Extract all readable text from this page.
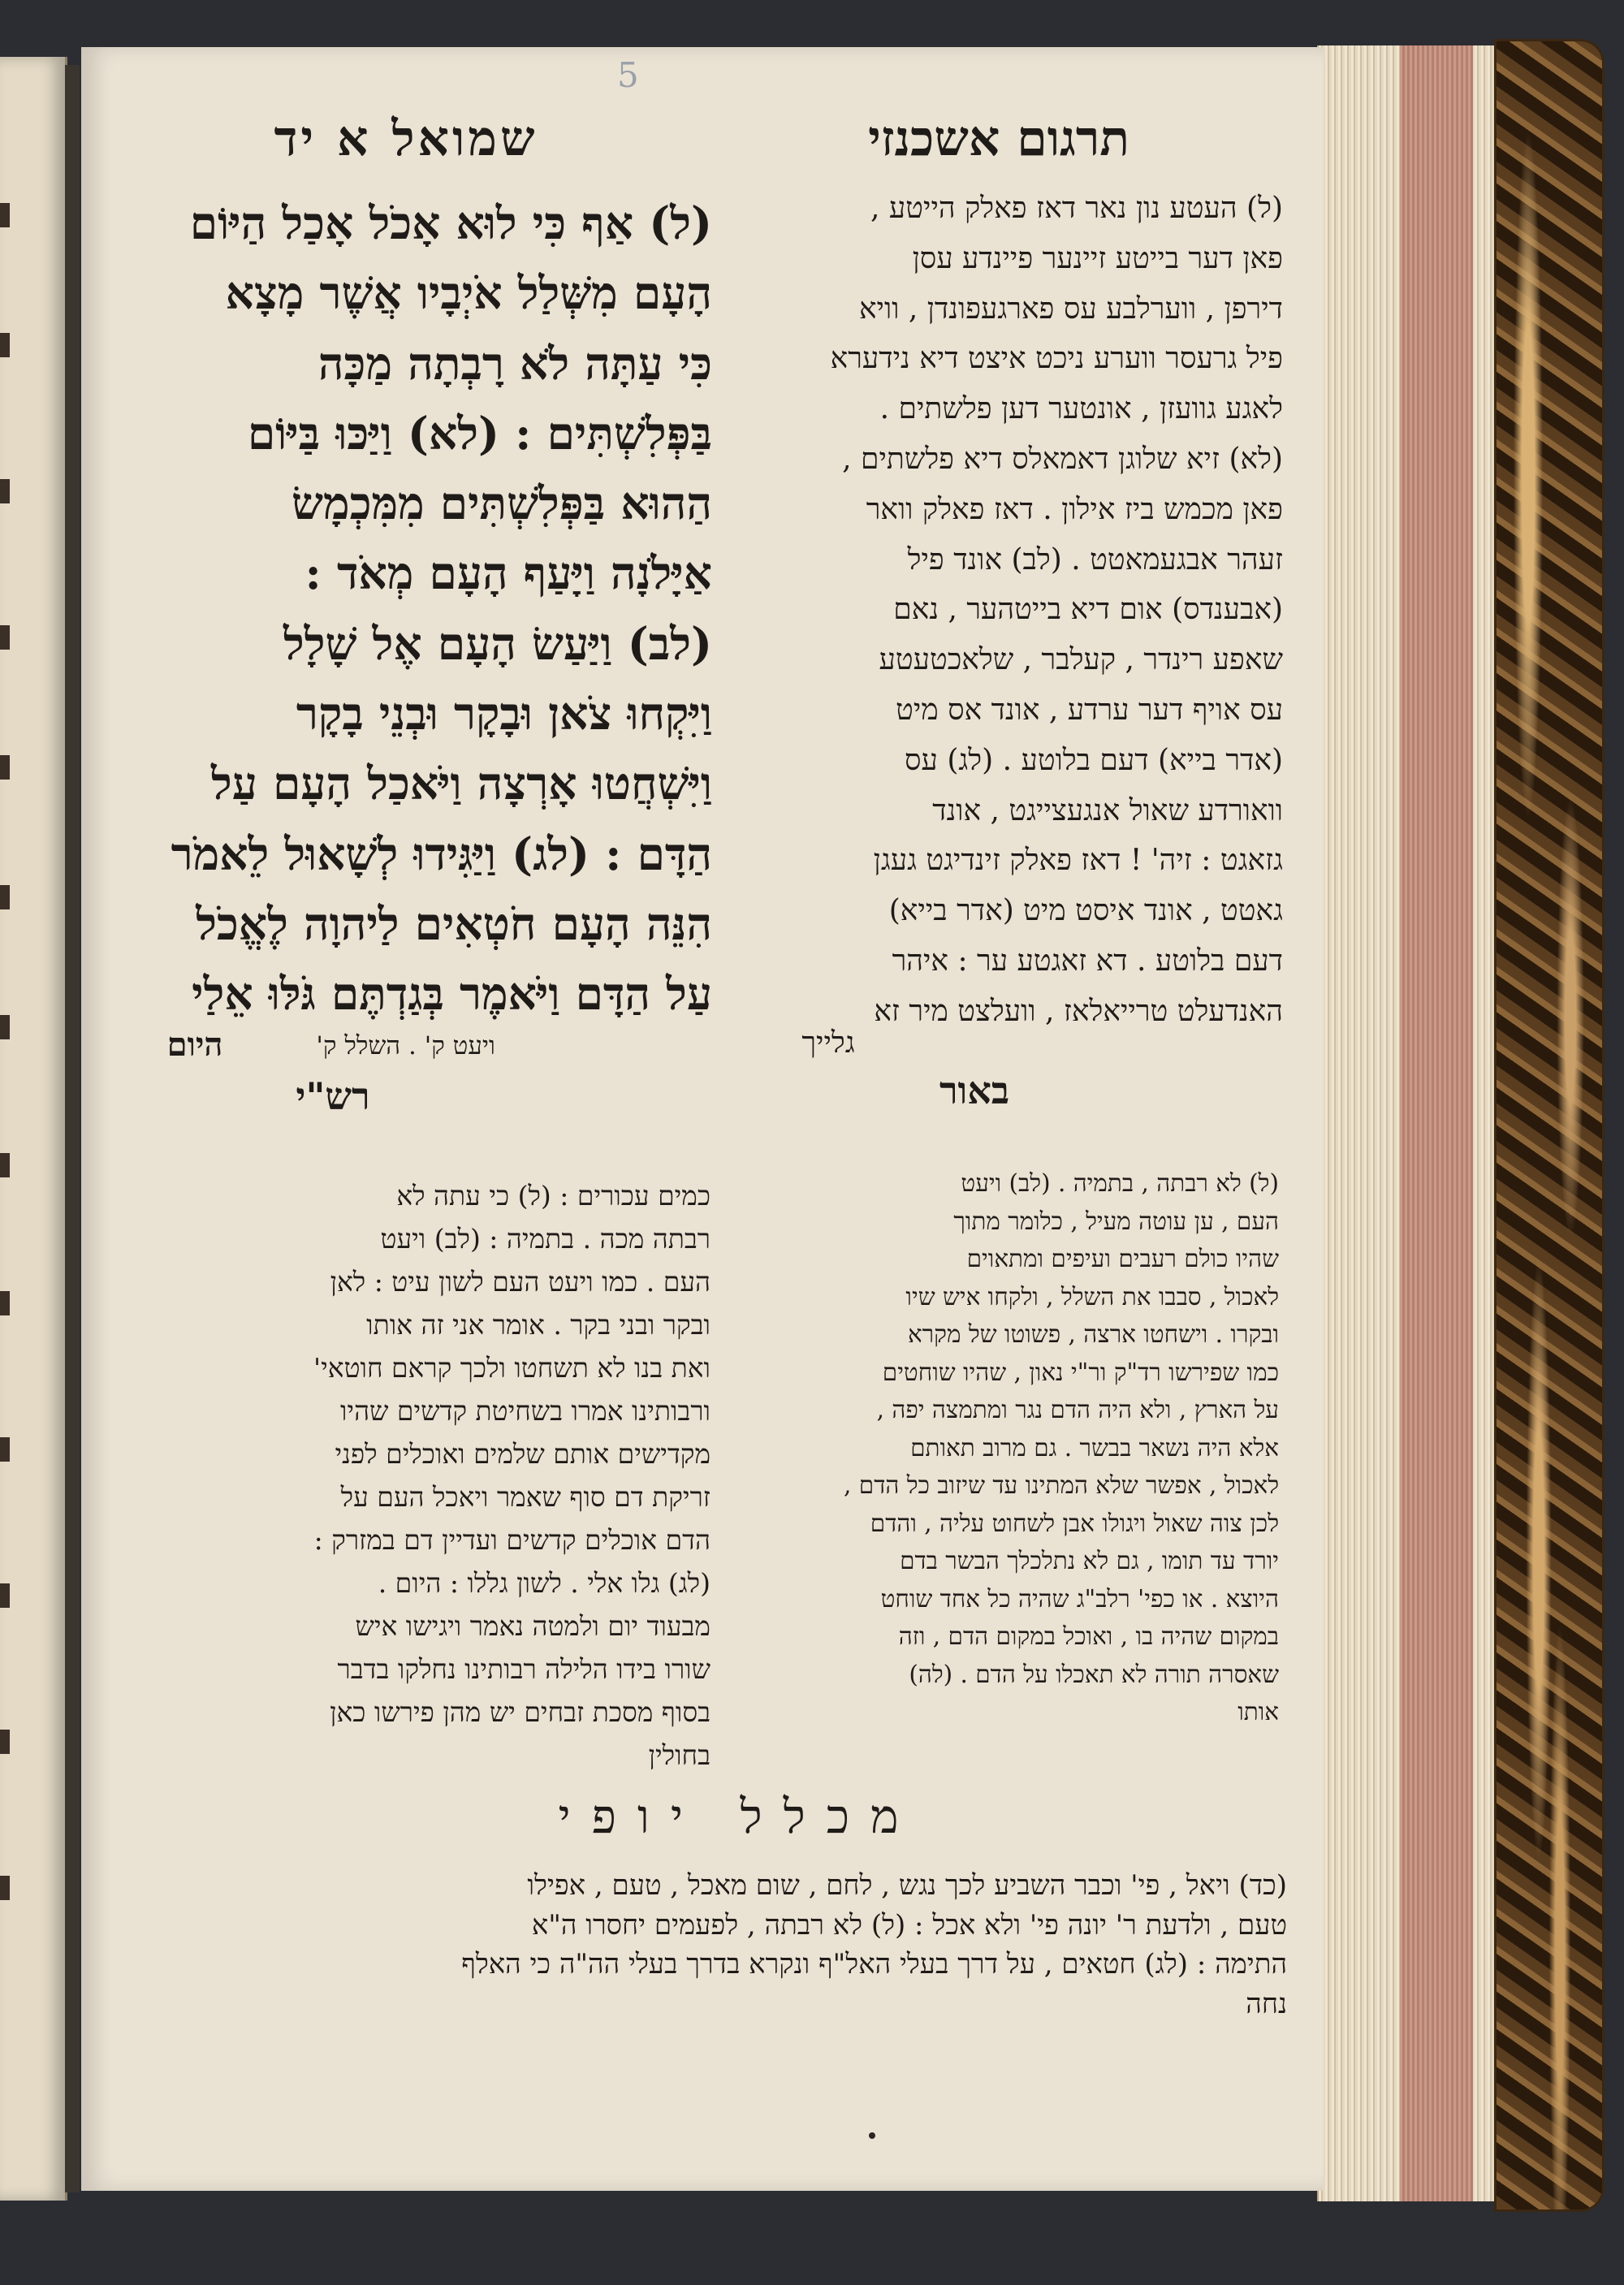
5
תרגום אשכנזי
שמואל א יד
(ל) העטע נון נאר דאז פאלק הייטע ,
פאן דער בייטע זיינער פיינדע עסן
דירפן , ווערלבע עס פארגעפונדן , וויא
פיל גרעסר ווערע ניכט איצט דיא נידערא
לאגע גוועזן , אונטער דען פלשתים .
(לא) זיא שלוגן דאמאלס דיא פלשתים ,
פאן מכמש ביז אילון . דאז פאלק וואר
זעהר אבגעמאטט . (לב) אונד פיל
(אבענדס) אום דיא בייטהער , נאם
שאפע רינדר , קעלבר , שלאכטעטע
עס אויף דער ערדע , אונד אס מיט
(אדר בייא) דעם בלוטע . (לג) עס
וואורדע שאול אנגעצייגט , אונד
גזאגט : זיה' ! דאז פאלק זינדיגט געגן
גאטט , אונד איסט מיט (אדר בייא)
דעם בלוטע . דא זאגטע ער : איהר
האנדעלט טרייאלאז , וועלצט מיר זא
(ל) אַף כִּי לוּא אָכֹל אָכַל הַיּוֹם
הָעָם מִשְּׁלַל אֹיְבָיו אֲשֶׁר מָצָא
כִּי עַתָּה לֹא רָבְתָה מַכָּה
בַּפְּלִשְׁתִּים : (לא) וַיַּכּוּ בַּיּוֹם
הַהוּא בַּפְּלִשְׁתִּים מִמִּכְמָשׂ
אַיָּלֹנָה וַיָּעַף הָעָם מְאֹד :
(לב) וַיַּעַשׂ הָעָם אֶל שָׁלָל
וַיִּקְחוּ צֹאן וּבָקָר וּבְנֵי בָקָר
וַיִּשְׁחֲטוּ אָרְצָה וַיֹּאכַל הָעָם עַל
הַדָּם : (לג) וַיַּגִּידוּ לְשָׁאוּל לֵאמֹר
הִנֵּה הָעָם חֹטְאִים לַיהוָה לֶאֱכֹל
עַל הַדָּם וַיֹּאמֶר בְּגַדְתֶּם גֹּלּוּ אֵלַי
ויעט ק' . השלל ק'
היום	גלייך
באור
רש"י
כמים עכורים : (ל) כי עתה לא
רבתה מכה . בתמיה : (לב) ויעט
העם . כמו ויעט העם לשון עיט : לאן
ובקר ובני בקר . אומר אני זה אותו
ואת בנו לא תשחטו ולכך קראם חוטאי'
ורבותינו אמרו בשחיטת קדשים שהיו
מקדישים אותם שלמים ואוכלים לפני
זריקת דם סוף שאמר ויאכל העם על
הדם אוכלים קדשים ועדיין דם במזרק :
(לג) גלו אלי . לשון גללו : היום .
מבעוד יום ולמטה נאמר ויגישו איש
שורו בידו הלילה רבותינו נחלקו בדבר
בסוף מסכת זבחים יש מהן פירשו כאן
בחולין
(ל) לא רבתה , בתמיה . (לב) ויעט
העם , ען עוטה מעיל , כלומר מתוך
שהיו כולם רעבים ועיפים ומתאוים
לאכול , סבבו את השלל , ולקחו איש שיו
ובקרו . וישחטו ארצה , פשוטו של מקרא
כמו שפירשו רד"ק ור"י נאון , שהיו שוחטים
על הארץ , ולא היה הדם נגר ומתמצה יפה ,
אלא היה נשאר בבשר . גם מרוב תאותם
לאכול , אפשר שלא המתינו עד שיזוב כל הדם ,
לכן צוה שאול ויגולו אבן לשחוט עליה , והדם
יורד עד תומו , גם לא נתלכלך הבשר בדם
היוצא . או כפי' רלב"ג שהיה כל אחד שוחט
במקום שהיה בו , ואוכל במקום הדם , וזה
שאסרה תורה לא תאכלו על הדם . (לה)
אותו
מכלל יופי
(כד) ויאל , פי' וכבר השביע לכך נגש , לחם , שום מאכל , טעם , אפילו
טעם , ולדעת ר' יונה פי' ולא אכל : (ל) לא רבתה , לפעמים יחסרו ה"א
התימה : (לג) חטאים , על דרך בעלי האל"ף ונקרא בדרך בעלי הה"ה כי האלף
נחה
